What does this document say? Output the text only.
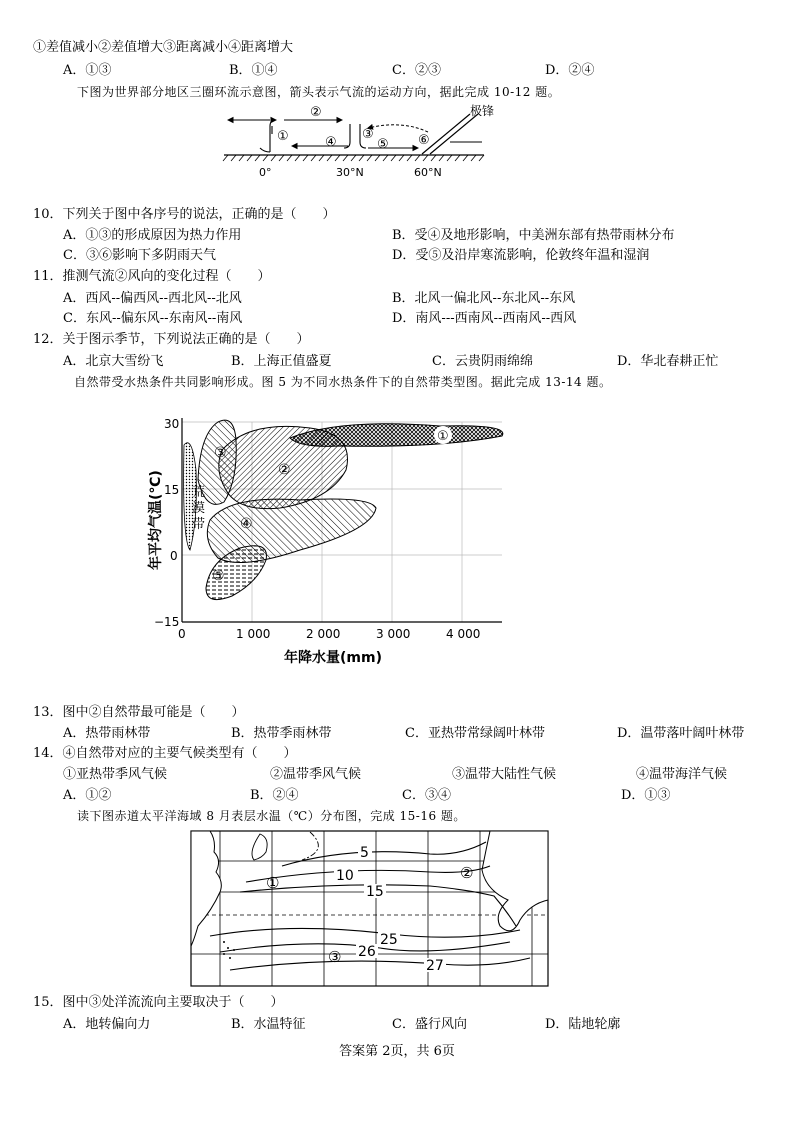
①差值减小②差值增大③距离减小④距离增大
A．①③	B．①④	C．②③	D．②④
下图为世界部分地区三圈环流示意图，箭头表示气流的运动方向，据此完成 10-12 题。
①
②
③
④	⑤ ⑥
极锋
0°	30°N	60°N
10．下列关于图中各序号的说法，正确的是（　　）
A．①③的形成原因为热力作用	B．受④及地形影响，中美洲东部有热带雨林分布
C．③⑥影响下多阴雨天气	D．受⑤及沿岸寒流影响，伦敦终年温和湿润
11．推测气流②风向的变化过程（　　）
A．西风--偏西风--西北风--北风	B．北风一偏北风--东北风--东风
C．东风--偏东风--东南风--南风	D．南风---西南风--西南风--西风
12．关于图示季节，下列说法正确的是（　　）
A．北京大雪纷飞	B．上海正值盛夏	C．云贵阴雨绵绵	D．华北春耕正忙
自然带受水热条件共同影响形成。图 5 为不同水热条件下的自然带类型图。据此完成 13-14 题。
①
②
③
④
⑤
荒
漠
带
30
15
0
−15
0	1 000	2 000	3 000	4 000
年降水量(mm)
年平均气温(℃)
13．图中②自然带最可能是（　　）
A．热带雨林带	B．热带季雨林带	C．亚热带常绿阔叶林带	D．温带落叶阔叶林带
14．④自然带对应的主要气候类型有（　　）
①亚热带季风气候	②温带季风气候	③温带大陆性气候	④温带海洋气候
A．①②	B．②④	C．③④	D．①③
读下图赤道太平洋海域 8 月表层水温（℃）分布图，完成 15-16 题。
5
10
15
25
26
27
①
②
③
15．图中③处洋流流向主要取决于（　　）
A．地转偏向力	B．水温特征	C．盛行风向	D．陆地轮廓
答案第 2页，共 6页
